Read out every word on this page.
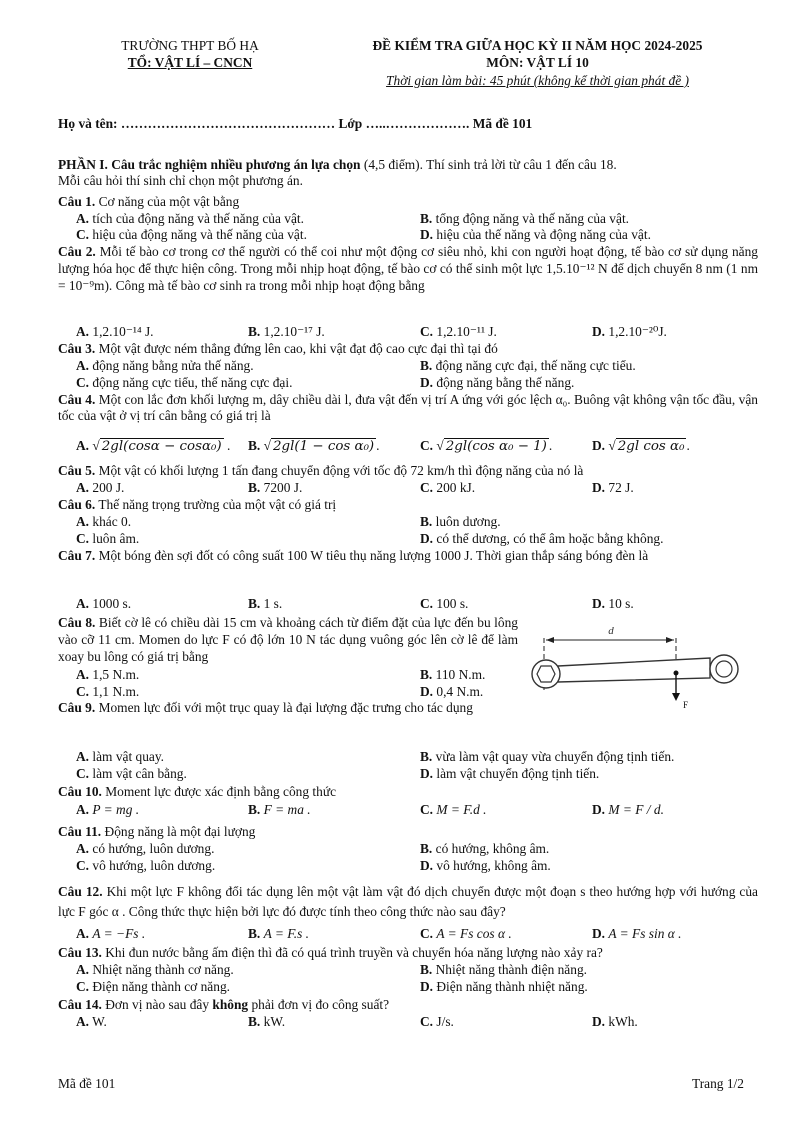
TRƯỜNG THPT BỐ HẠ
TỔ: VẬT LÍ – CNCN
ĐỀ KIỂM TRA GIỮA HỌC KỲ II NĂM HỌC 2024-2025
MÔN: VẬT LÍ 10
Thời gian làm bài: 45 phút (không kể thời gian phát đề )
Họ và tên: ………………………………………… Lớp …..………………. Mã đề 101
PHẦN I. Câu trắc nghiệm nhiều phương án lựa chọn (4,5 điểm). Thí sinh trả lời từ câu 1 đến câu 18.
Mỗi câu hỏi thí sinh chỉ chọn một phương án.
Câu 1. Cơ năng của một vật bằng
A. tích của động năng và thế năng của vật.	B. tổng động năng và thế năng của vật.
C. hiệu của động năng và thế năng của vật.	D. hiệu của thế năng và động năng của vật.
Câu 2. Mỗi tế bào cơ trong cơ thể người có thể coi như một động cơ siêu nhỏ, khi con người hoạt động, tế bào cơ sử dụng năng lượng hóa học để thực hiện công. Trong mỗi nhịp hoạt động, tế bào cơ có thể sinh một lực 1,5.10⁻¹² N để dịch chuyển 8 nm (1 nm = 10⁻⁹m). Công mà tế bào cơ sinh ra trong mỗi nhịp hoạt động bằng
A. 1,2.10⁻¹⁴ J.	B. 1,2.10⁻¹⁷ J.	C. 1,2.10⁻¹¹ J.	D. 1,2.10⁻²⁰J.
Câu 3. Một vật được ném thẳng đứng lên cao, khi vật đạt độ cao cực đại thì tại đó
A. động năng bằng nửa thế năng.	B. động năng cực đại, thế năng cực tiểu.
C. động năng cực tiểu, thế năng cực đại.	D. động năng bằng thế năng.
Câu 4. Một con lắc đơn khối lượng m, dây chiều dài l, đưa vật đến vị trí A ứng với góc lệch α₀. Buông vật không vận tốc đầu, vận tốc của vật ở vị trí cân bằng có giá trị là
A. √ 2gl(cosα − cosα₀) . B. √ 2gl(1 − cos α₀) .	C. √ 2gl(cos α₀ − 1) .	D. √ 2gl cos α₀ .
Câu 5. Một vật có khối lượng 1 tấn đang chuyển động với tốc độ 72 km/h thì động năng của nó là
A. 200 J.	B. 7200 J.	C. 200 kJ.	D. 72 J.
Câu 6. Thế năng trọng trường của một vật có giá trị
A. khác 0.	B. luôn dương.
C. luôn âm.	D. có thể dương, có thể âm hoặc bằng không.
Câu 7. Một bóng đèn sợi đốt có công suất 100 W tiêu thụ năng lượng 1000 J. Thời gian thắp sáng bóng đèn là
A. 1000 s.	B. 1 s.	C. 100 s.	D. 10 s.
Câu 8. Biết cờ lê có chiều dài 15 cm và khoảng cách từ điểm đặt của lực đến bu lông vào cỡ 11 cm. Momen do lực F có độ lớn 10 N tác dụng vuông góc lên cờ lê để làm xoay bu lông có giá trị bằng
A. 1,5 N.m.	B. 110 N.m.
C. 1,1 N.m.	D. 0,4 N.m.
d
F
Câu 9. Momen lực đối với một trục quay là đại lượng đặc trưng cho tác dụng
A. làm vật quay.	B. vừa làm vật quay vừa chuyển động tịnh tiến.
C. làm vật cân bằng.	D. làm vật chuyển động tịnh tiến.
Câu 10. Moment lực được xác định bằng công thức
A. P = mg .	B. F = ma .	C. M = F.d .	D. M = F / d.
Câu 11. Động năng là một đại lượng
A. có hướng, luôn dương.	B. có hướng, không âm.
C. vô hướng, luôn dương.	D. vô hướng, không âm.
Câu 12. Khi một lực F không đổi tác dụng lên một vật làm vật đó dịch chuyển được một đoạn s theo hướng hợp với hướng của lực F góc α . Công thức thực hiện bởi lực đó được tính theo công thức nào sau đây?
A. A = −Fs .	B. A = F.s .	C. A = Fs cos α .	D. A = Fs sin α .
Câu 13. Khi đun nước bằng ấm điện thì đã có quá trình truyền và chuyển hóa năng lượng nào xảy ra?
A. Nhiệt năng thành cơ năng.	B. Nhiệt năng thành điện năng.
C. Điện năng thành cơ năng.	D. Điện năng thành nhiệt năng.
Câu 14. Đơn vị nào sau đây không phải đơn vị đo công suất?
A. W.	B. kW.	C. J/s.	D. kWh.
Mã đề 101	Trang 1/2
